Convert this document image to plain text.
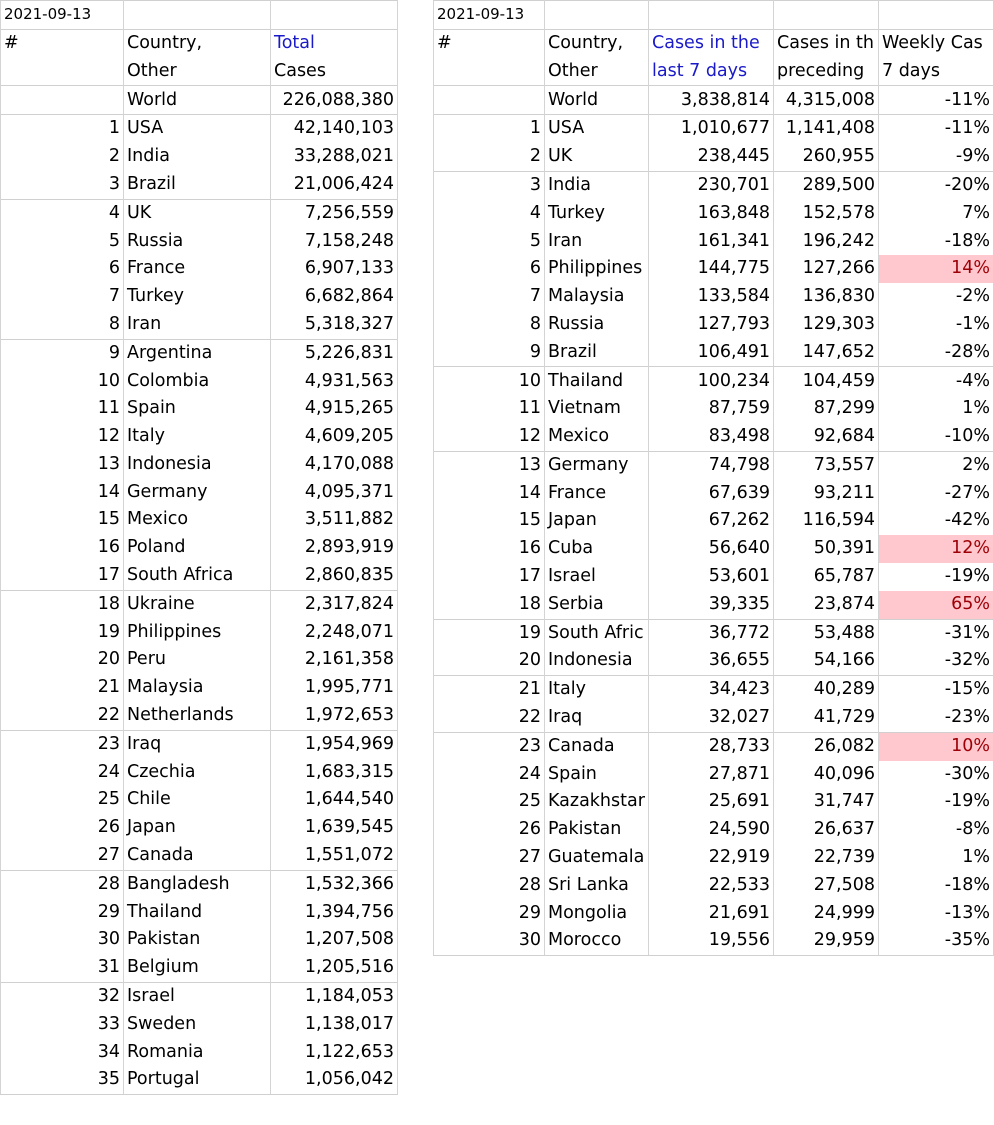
2021-09-13		
#	Country,	Total
	Other	Cases
	World	226,088,380
1	USA	42,140,103
2	India	33,288,021
3	Brazil	21,006,424
4	UK	7,256,559
5	Russia	7,158,248
6	France	6,907,133
7	Turkey	6,682,864
8	Iran	5,318,327
9	Argentina	5,226,831
10	Colombia	4,931,563
11	Spain	4,915,265
12	Italy	4,609,205
13	Indonesia	4,170,088
14	Germany	4,095,371
15	Mexico	3,511,882
16	Poland	2,893,919
17	South Africa	2,860,835
18	Ukraine	2,317,824
19	Philippines	2,248,071
20	Peru	2,161,358
21	Malaysia	1,995,771
22	Netherlands	1,972,653
23	Iraq	1,954,969
24	Czechia	1,683,315
25	Chile	1,644,540
26	Japan	1,639,545
27	Canada	1,551,072
28	Bangladesh	1,532,366
29	Thailand	1,394,756
30	Pakistan	1,207,508
31	Belgium	1,205,516
32	Israel	1,184,053
33	Sweden	1,138,017
34	Romania	1,122,653
35	Portugal	1,056,042
2021-09-13				
#	Country,	Cases in the	Cases in th	Weekly Cas
	Other	last 7 days	preceding	7 days
	World	3,838,814	4,315,008	-11%
1	USA	1,010,677	1,141,408	-11%
2	UK	238,445	260,955	-9%
3	India	230,701	289,500	-20%
4	Turkey	163,848	152,578	7%
5	Iran	161,341	196,242	-18%
6	Philippines	144,775	127,266	14%
7	Malaysia	133,584	136,830	-2%
8	Russia	127,793	129,303	-1%
9	Brazil	106,491	147,652	-28%
10	Thailand	100,234	104,459	-4%
11	Vietnam	87,759	87,299	1%
12	Mexico	83,498	92,684	-10%
13	Germany	74,798	73,557	2%
14	France	67,639	93,211	-27%
15	Japan	67,262	116,594	-42%
16	Cuba	56,640	50,391	12%
17	Israel	53,601	65,787	-19%
18	Serbia	39,335	23,874	65%
19	South Afric	36,772	53,488	-31%
20	Indonesia	36,655	54,166	-32%
21	Italy	34,423	40,289	-15%
22	Iraq	32,027	41,729	-23%
23	Canada	28,733	26,082	10%
24	Spain	27,871	40,096	-30%
25	Kazakhstar	25,691	31,747	-19%
26	Pakistan	24,590	26,637	-8%
27	Guatemala	22,919	22,739	1%
28	Sri Lanka	22,533	27,508	-18%
29	Mongolia	21,691	24,999	-13%
30	Morocco	19,556	29,959	-35%
